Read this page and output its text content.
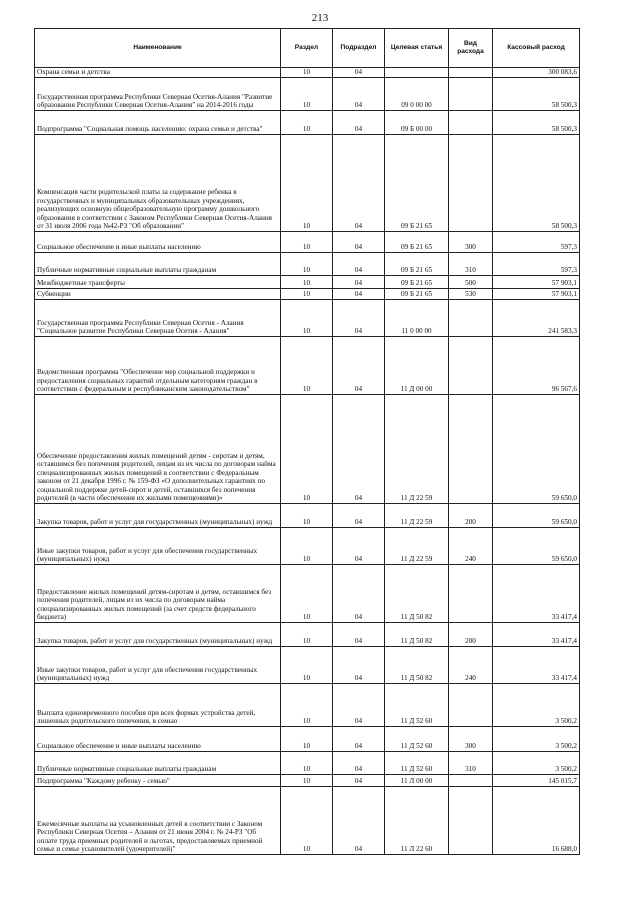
213
Наименование	Раздел	Подраздел	Целевая статья	Вид расхода	Кассовый расход
Охрана семьи и детства	10	04			300 083,6
Государственная программа Республики Северная Осетия-Алания "Развитие образования Республики Северная Осетия-Алания" на 2014-2016 годы	10	04	09 0 00 00		58 500,3
Подпрограмма "Социальная помощь населению: охрана семьи и детства"	10	04	09 Б 00 00		58 500,3
Компенсация части родительской платы за содержание ребенка в государственных и муниципальных образовательных учреждениях, реализующих основную общеобразовательную программу дошкольного образования в соответствии с Законом Республики Северная Осетия-Алания от 31 июля 2006 года №42-РЗ "Об образовании"	10	04	09 Б 21 65		58 500,3
Социальное обеспечение и иные выплаты населению	10	04	09 Б 21 65	300	597,3
Публичные нормативные социальные выплаты гражданам	10	04	09 Б 21 65	310	597,3
Межбюджетные трансферты	10	04	09 Б 21 65	500	57 903,1
Субвенции	10	04	09 Б 21 65	530	57 903,1
Государственная программа Республики Северная Осетия - Алания "Социальное развитие Республики Северная Осетия - Алания"	10	04	11 0 00 00		241 583,3
Ведомственная программа "Обеспечение мер социальной поддержки и предоставления социальных гарантий отдельным категориям граждан в соответствии с федеральным и республиканским законодательством"	10	04	11 Д 00 00		96 567,6
Обеспечение предоставления жилых помещений детям - сиротам и детям, оставшимся без попечения родителей, лицам из их числа по договорам найма специализированных жилых помещений в соответствии с Федеральным законом от 21 декабря 1996 г. № 159-ФЗ «О дополнительных гарантиях по социальной поддержке детей-сирот и детей, оставшихся без попечения родителей (в части обеспечения их жилыми помещениями)»	10	04	11 Д 22 59		59 650,0
Закупка товаров, работ и услуг для государственных (муниципальных) нужд	10	04	11 Д 22 59	200	59 650,0
Иные закупки товаров, работ и услуг для обеспечения государственных (муниципальных) нужд	10	04	11 Д 22 59	240	59 650,0
Предоставление жилых помещений детям-сиротам и детям, оставшимся без попечения родителей, лицам из их числа по договорам найма специализированных жилых помещений (за счет средств федерального бюджета)	10	04	11 Д 50 82		33 417,4
Закупка товаров, работ и услуг для государственных (муниципальных) нужд	10	04	11 Д 50 82	200	33 417,4
Иные закупки товаров, работ и услуг для обеспечения государственных (муниципальных) нужд	10	04	11 Д 50 82	240	33 417,4
Выплата единовременного пособия при всех формах устройства детей, лишенных родительского попечения, в семью	10	04	11 Д 52 60		3 500,2
Социальное обеспечение и иные выплаты населению	10	04	11 Д 52 60	300	3 500,2
Публичные нормативные социальные выплаты гражданам	10	04	11 Д 52 60	310	3 500,2
Подпрограмма "Каждому ребенку - семью"	10	04	11 Л 00 00		145 015,7
Ежемесячные выплаты на усыновленных детей в соответствии с Законом Республики Северная Осетия – Алания от 21 июня 2004 г. № 24-РЗ "Об оплате труда приемных родителей и льготах, предоставляемых приемной семье и семье усыновителей (удочерителей)"	10	04	11 Л 22 60		16 688,0
